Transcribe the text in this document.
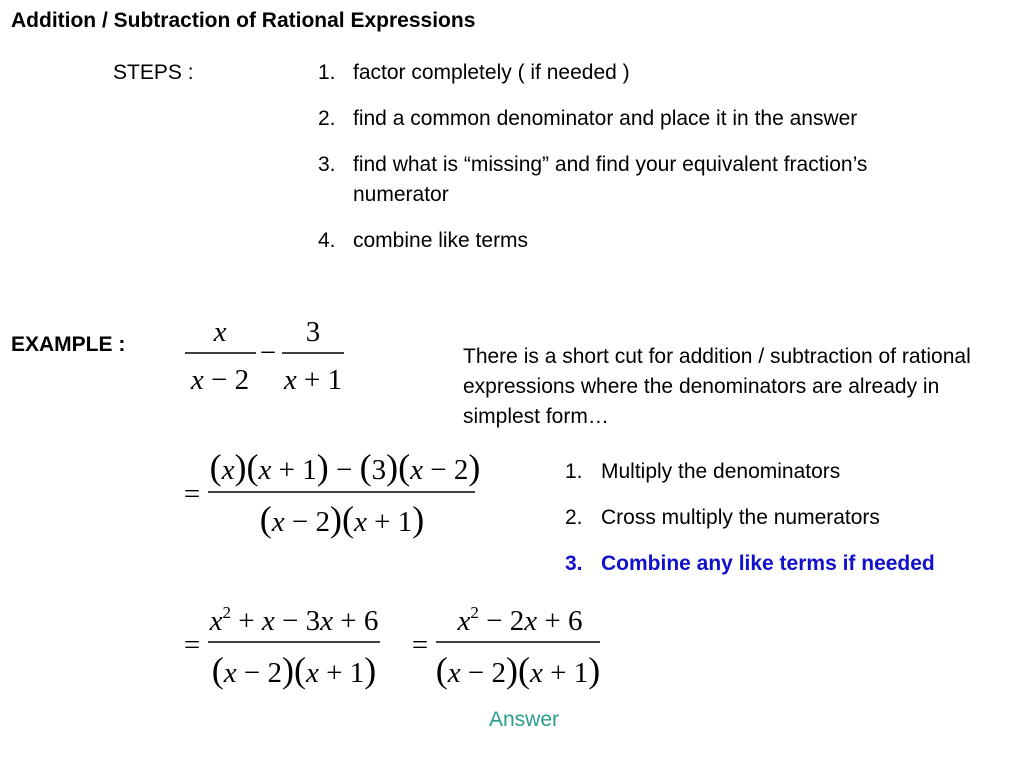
Addition / Subtraction of Rational Expressions
STEPS :	1. factor completely ( if needed )
2. find a common denominator and place it in the answer
3. find what is “missing” and find your equivalent fraction’s
numerator
4. combine like terms
EXAMPLE :	x
x − 2
−
3
x + 1
There is a short cut for addition / subtraction of rational expressions where the denominators are already in simplest form…
=
(x)(x + 1) − (3)(x − 2)
(x − 2)(x + 1)
1. Multiply the denominators
2. Cross multiply the numerators
3. Combine any like terms if needed
=
$x^2 + x - 3x + 6$
(x − 2)(x + 1)
=
$x^2 - 2x + 6$
(x − 2)(x + 1)
Answer
